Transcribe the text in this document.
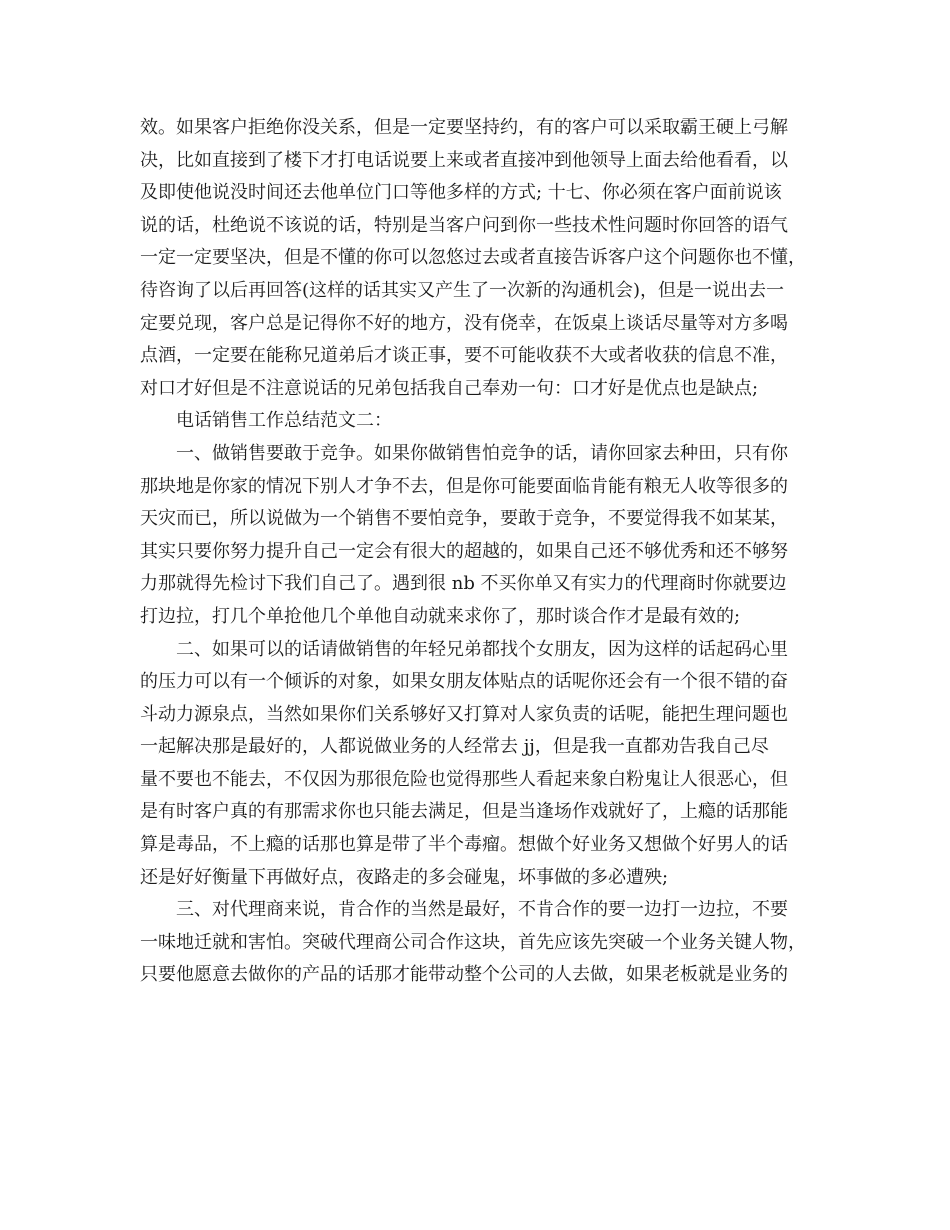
效。如果客户拒绝你没关系，但是一定要坚持约，有的客户可以采取霸王硬上弓解
决，比如直接到了楼下才打电话说要上来或者直接冲到他领导上面去给他看看，以
及即使他说没时间还去他单位门口等他多样的方式; 十七、你必须在客户面前说该
说的话，杜绝说不该说的话，特别是当客户问到你一些技术性问题时你回答的语气
一定一定要坚决，但是不懂的你可以忽悠过去或者直接告诉客户这个问题你也不懂，
待咨询了以后再回答(这样的话其实又产生了一次新的沟通机会)，但是一说出去一
定要兑现，客户总是记得你不好的地方，没有侥幸，在饭桌上谈话尽量等对方多喝
点酒，一定要在能称兄道弟后才谈正事，要不可能收获不大或者收获的信息不准，
对口才好但是不注意说话的兄弟包括我自己奉劝一句：口才好是优点也是缺点;
电话销售工作总结范文二：
一、做销售要敢于竞争。如果你做销售怕竞争的话，请你回家去种田，只有你
那块地是你家的情况下别人才争不去，但是你可能要面临肯能有粮无人收等很多的
天灾而已，所以说做为一个销售不要怕竞争，要敢于竞争，不要觉得我不如某某，
其实只要你努力提升自己一定会有很大的超越的，如果自己还不够优秀和还不够努
力那就得先检讨下我们自己了。遇到很 nb 不买你单又有实力的代理商时你就要边
打边拉，打几个单抢他几个单他自动就来求你了，那时谈合作才是最有效的;
二、如果可以的话请做销售的年轻兄弟都找个女朋友，因为这样的话起码心里
的压力可以有一个倾诉的对象，如果女朋友体贴点的话呢你还会有一个很不错的奋
斗动力源泉点，当然如果你们关系够好又打算对人家负责的话呢，能把生理问题也
一起解决那是最好的，人都说做业务的人经常去 jj，但是我一直都劝告我自己尽
量不要也不能去，不仅因为那很危险也觉得那些人看起来象白粉鬼让人很恶心，但
是有时客户真的有那需求你也只能去满足，但是当逢场作戏就好了，上瘾的话那能
算是毒品，不上瘾的话那也算是带了半个毒瘤。想做个好业务又想做个好男人的话
还是好好衡量下再做好点，夜路走的多会碰鬼，坏事做的多必遭殃;
三、对代理商来说，肯合作的当然是最好，不肯合作的要一边打一边拉，不要
一味地迁就和害怕。突破代理商公司合作这块，首先应该先突破一个业务关键人物，
只要他愿意去做你的产品的话那才能带动整个公司的人去做，如果老板就是业务的
